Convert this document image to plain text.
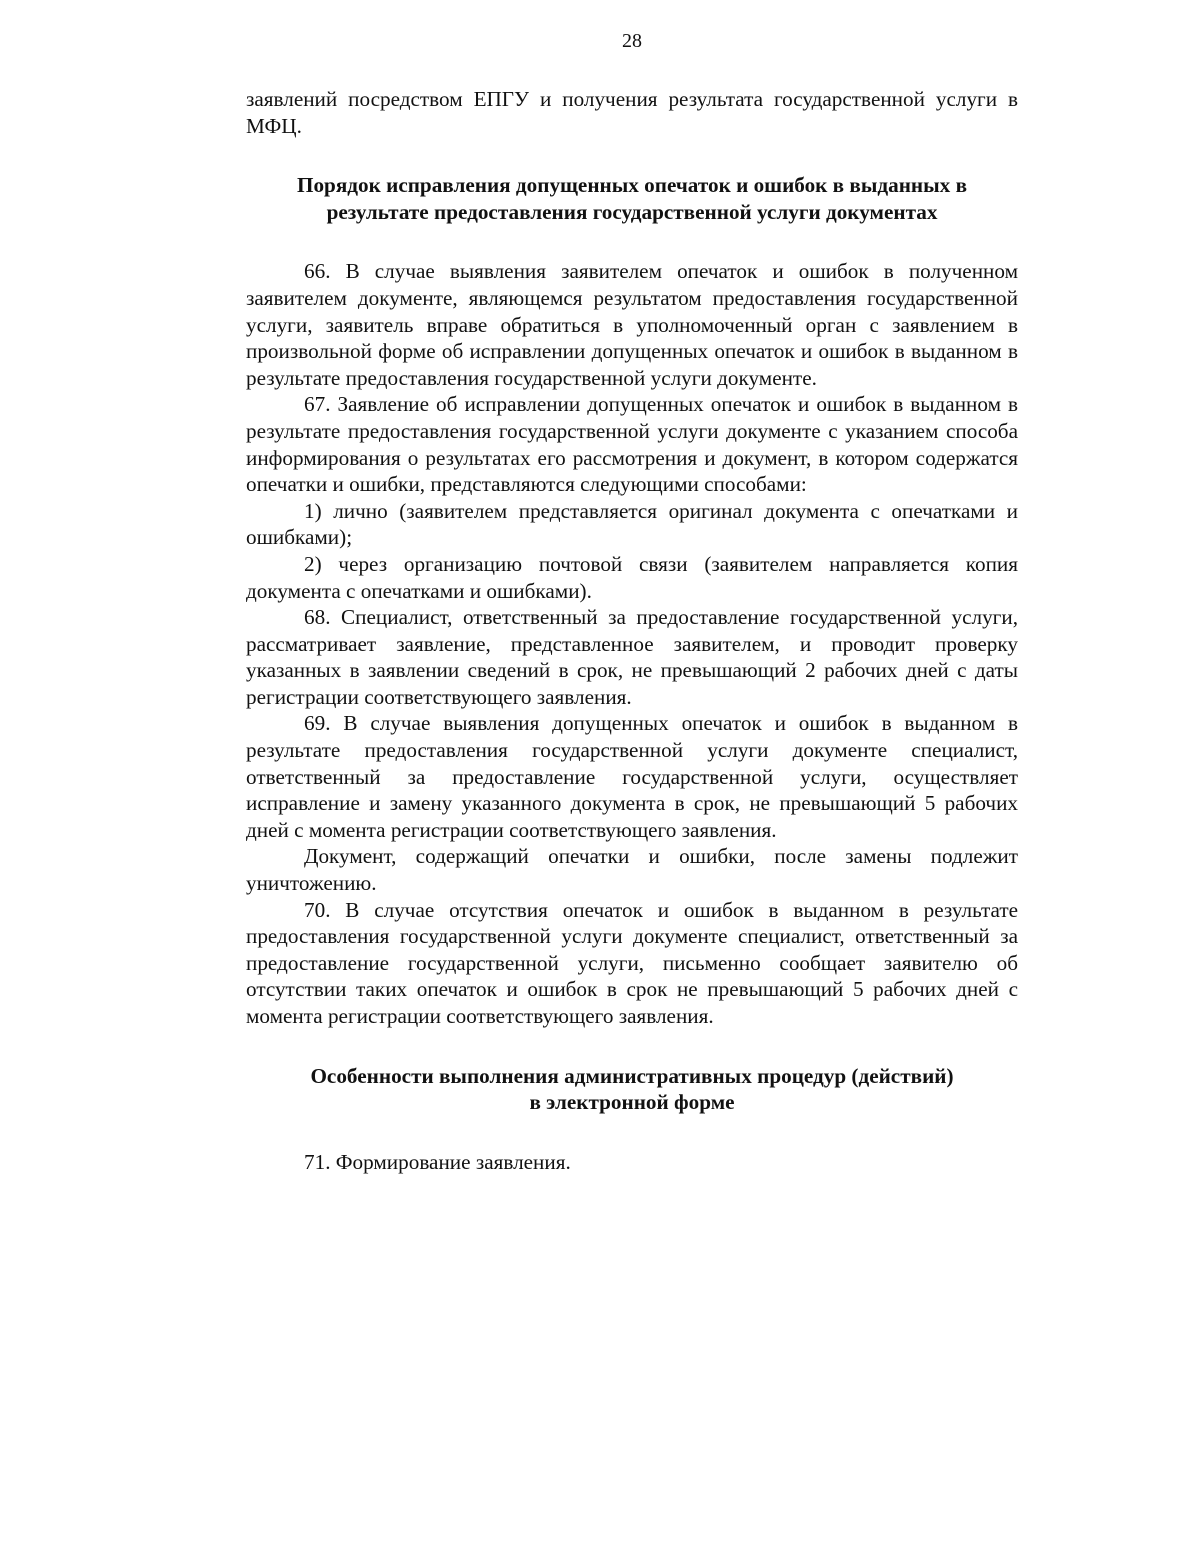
28

заявлений посредством ЕПГУ и получения результата государственной услуги в МФЦ.

Порядок исправления допущенных опечаток и ошибок в выданных в
результате предоставления государственной услуги документах

66. В случае выявления заявителем опечаток и ошибок в полученном заявителем документе, являющемся результатом предоставления государственной услуги, заявитель вправе обратиться в уполномоченный орган с заявлением в произвольной форме об исправлении допущенных опечаток и ошибок в выданном в результате предоставления государственной услуги документе.

67. Заявление об исправлении допущенных опечаток и ошибок в выданном в результате предоставления государственной услуги документе с указанием способа информирования о результатах его рассмотрения и документ, в котором содержатся опечатки и ошибки, представляются следующими способами:

1) лично (заявителем представляется оригинал документа с опечатками и ошибками);

2) через организацию почтовой связи (заявителем направляется копия документа с опечатками и ошибками).

68. Специалист, ответственный за предоставление государственной услуги, рассматривает заявление, представленное заявителем, и проводит проверку указанных в заявлении сведений в срок, не превышающий 2 рабочих дней с даты регистрации соответствующего заявления.

69. В случае выявления допущенных опечаток и ошибок в выданном в результате предоставления государственной услуги документе специалист, ответственный за предоставление государственной услуги, осуществляет исправление и замену указанного документа в срок, не превышающий 5 рабочих дней с момента регистрации соответствующего заявления.

Документ, содержащий опечатки и ошибки, после замены подлежит уничтожению.

70. В случае отсутствия опечаток и ошибок в выданном в результате предоставления государственной услуги документе специалист, ответственный за предоставление государственной услуги, письменно сообщает заявителю об отсутствии таких опечаток и ошибок в срок не превышающий 5 рабочих дней с момента регистрации соответствующего заявления.

Особенности выполнения административных процедур (действий)
в электронной форме

71. Формирование заявления.
